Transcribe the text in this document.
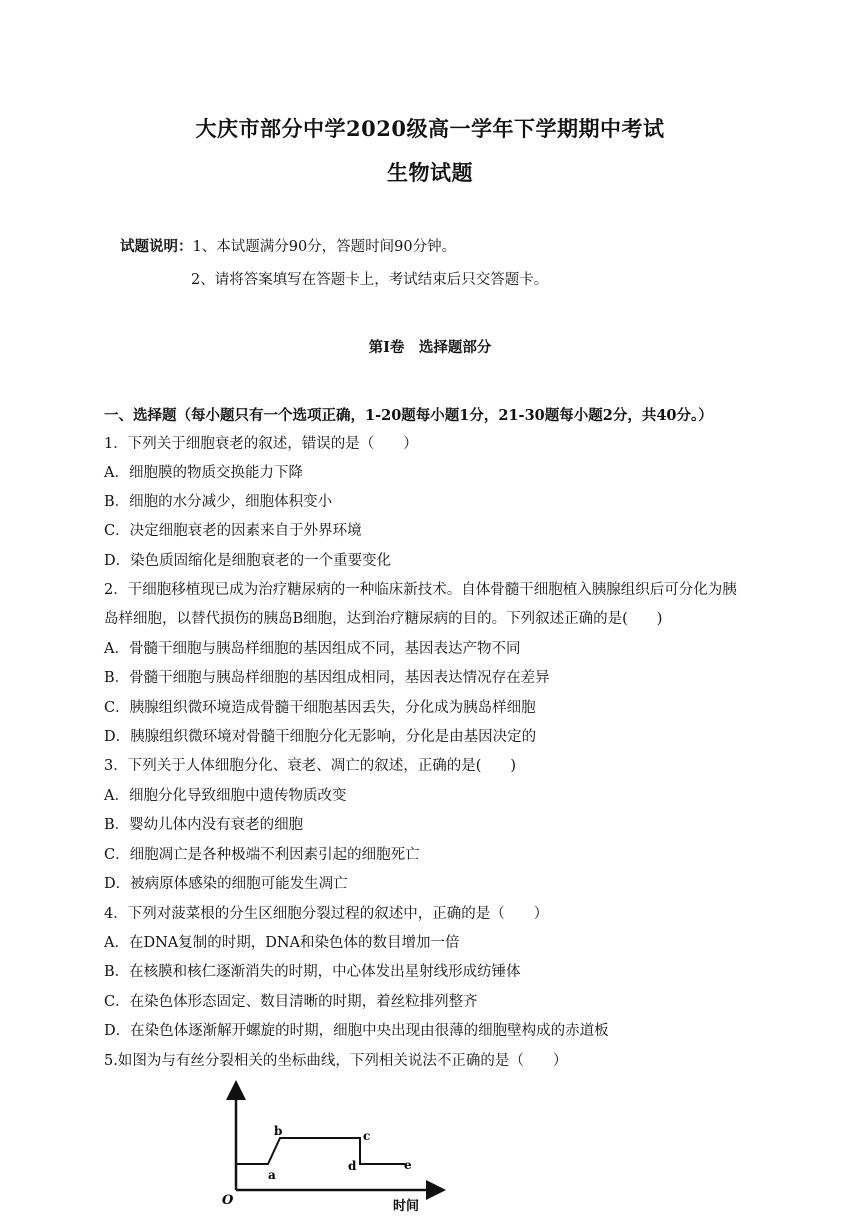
大庆市部分中学2020级高一学年下学期期中考试
生物试题
试题说明：1、本试题满分90分，答题时间90分钟。
2、请将答案填写在答题卡上，考试结束后只交答题卡。
第Ⅰ卷　选择题部分
一、选择题（每小题只有一个选项正确，1-20题每小题1分，21-30题每小题2分，共40分。）
1．下列关于细胞衰老的叙述，错误的是（　　）
A．细胞膜的物质交换能力下降
B．细胞的水分减少，细胞体积变小
C．决定细胞衰老的因素来自于外界环境
D．染色质固缩化是细胞衰老的一个重要变化
2．干细胞移植现已成为治疗糖尿病的一种临床新技术。自体骨髓干细胞植入胰腺组织后可分化为胰
岛样细胞，以替代损伤的胰岛B细胞，达到治疗糖尿病的目的。下列叙述正确的是(　　)
A．骨髓干细胞与胰岛样细胞的基因组成不同，基因表达产物不同
B．骨髓干细胞与胰岛样细胞的基因组成相同，基因表达情况存在差异
C．胰腺组织微环境造成骨髓干细胞基因丢失，分化成为胰岛样细胞
D．胰腺组织微环境对骨髓干细胞分化无影响，分化是由基因决定的
3．下列关于人体细胞分化、衰老、凋亡的叙述，正确的是(　　)
A．细胞分化导致细胞中遗传物质改变
B．婴幼儿体内没有衰老的细胞
C．细胞凋亡是各种极端不利因素引起的细胞死亡
D．被病原体感染的细胞可能发生凋亡
4．下列对菠菜根的分生区细胞分裂过程的叙述中，正确的是（　　）
A．在DNA复制的时期，DNA和染色体的数目增加一倍
B．在核膜和核仁逐渐消失的时期，中心体发出星射线形成纺锤体
C．在染色体形态固定、数目清晰的时期，着丝粒排列整齐
D．在染色体逐渐解开螺旋的时期，细胞中央出现由很薄的细胞壁构成的赤道板
5.如图为与有丝分裂相关的坐标曲线，下列相关说法不正确的是（　　）
O	时间
a
b	c
d	e
